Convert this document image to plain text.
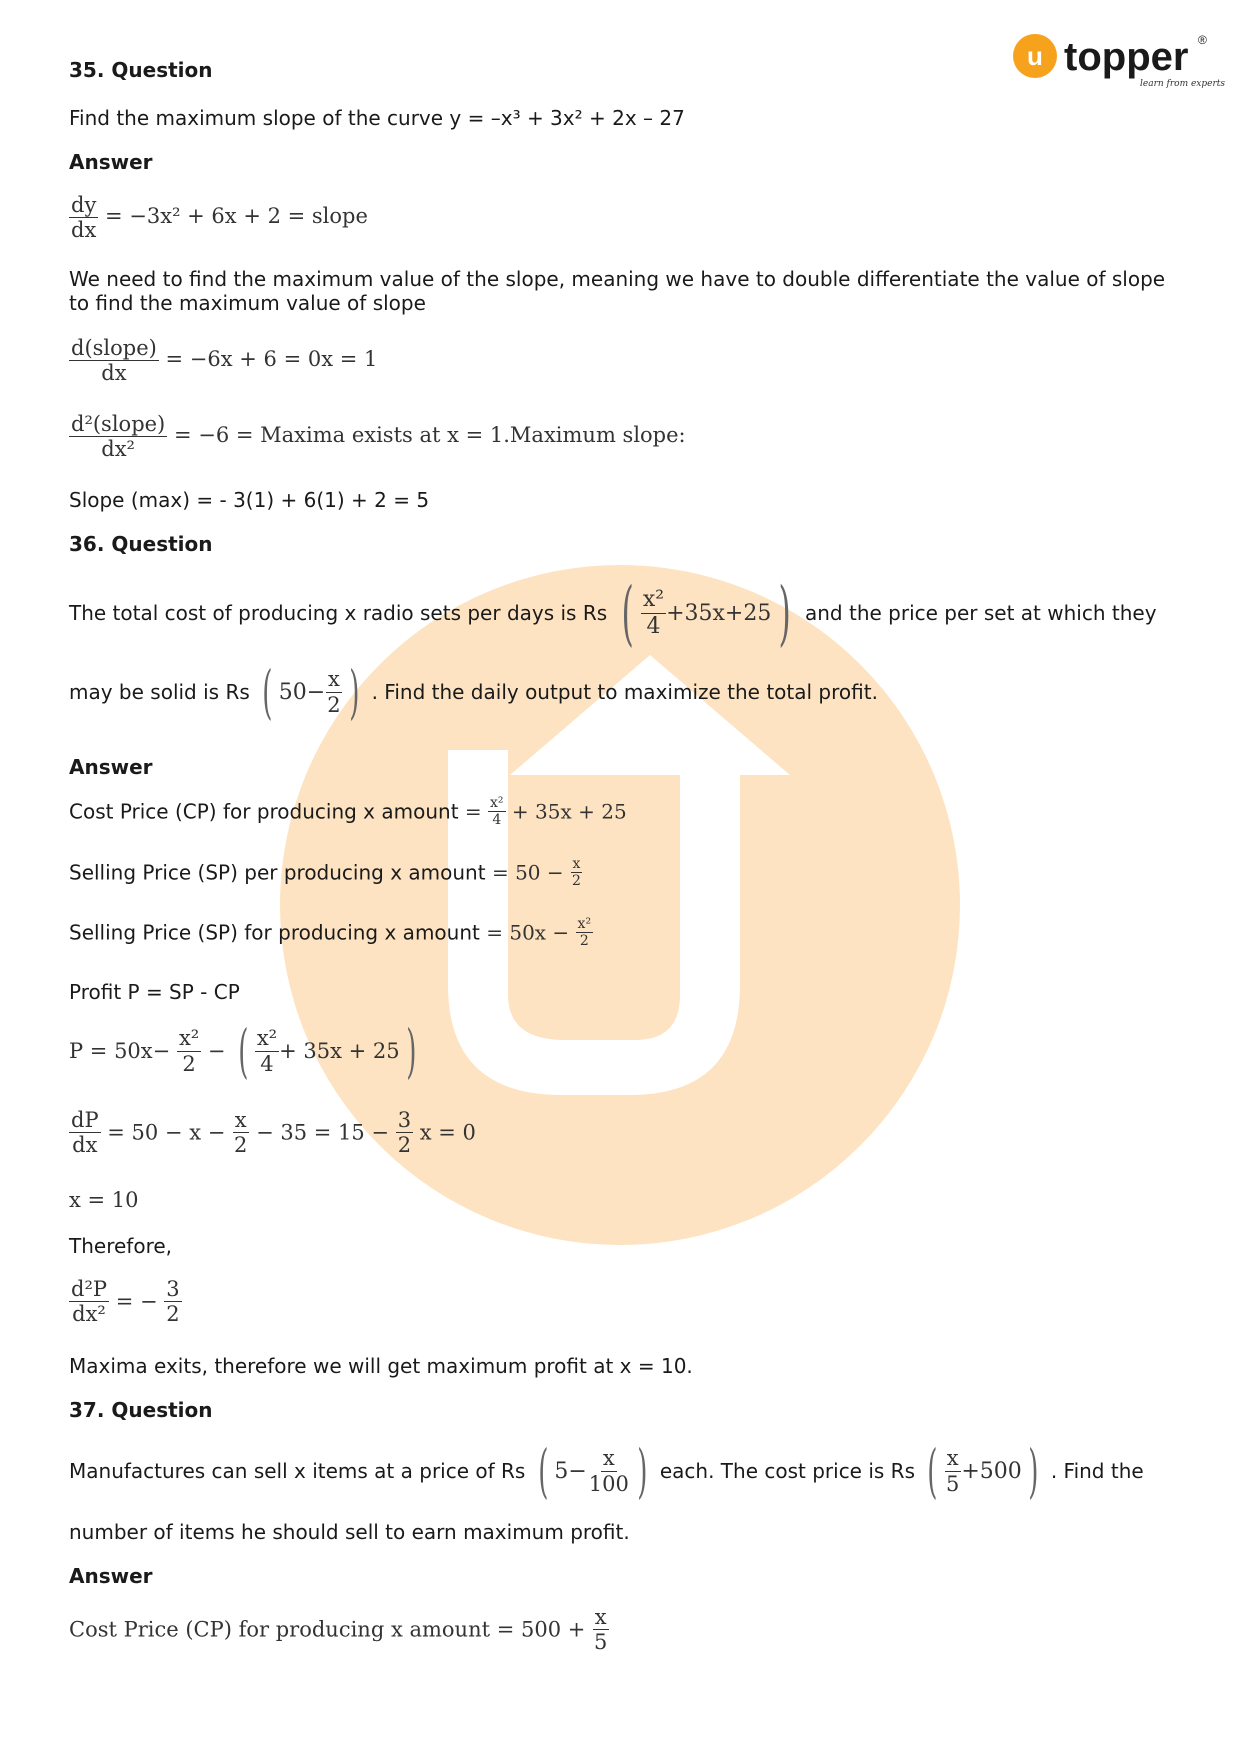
u topper ®
learn from experts
35. Question
Find the maximum slope of the curve y = –x³ + 3x² + 2x – 27
Answer
$\frac{dy}{dx} = -3x^2 + 6x + 2$ = slope
We need to find the maximum value of the slope, meaning we have to double differentiate the value of slope to find the maximum value of slope
$\frac{\text{d(slope)}}{dx} = -6x + 6 = 0x = 1$
$\frac{\text{d²(slope)}}{\text{dx²}} = -6$ = Maxima exists at x = 1.Maximum slope:
Slope (max) = - 3(1) + 6(1) + 2 = 5
36. Question
The total cost of producing x radio sets per days is Rs ( $\frac{\text{x²}}{4} +35x+25$ ) and the price per set at which they
may be solid is Rs ( $50- \frac{x}{2}$ ) . Find the daily output to maximize the total profit.
Answer
Cost Price (CP) for producing x amount = $\frac{\text{x²}}{4} + 35x + 25$
Selling Price (SP) per producing x amount = $50 - \frac{x}{2}$
Selling Price (SP) for producing x amount = $50x - \frac{\text{x²}}{2}$
Profit P = SP - CP
$P = 50x- \frac{\text{x²}}{2}$ − ( $\frac{\text{x²}}{4} + 35x + 25$ )
$\frac{dP}{dx} = 50 - x - \frac{x}{2} - 35 = 15 - \frac{3}{2}$ x = 0
x = 10
Therefore,
$\frac{\text{d²P}}{\text{dx²}}$ = − $\frac{3}{2}$
Maxima exits, therefore we will get maximum profit at x = 10.
37. Question
Manufactures can sell x items at a price of Rs ( $5- \frac{x}{100}$ ) each. The cost price is Rs ( $\frac{x}{5} +500$ ) . Find the
number of items he should sell to earn maximum profit.
Answer
Cost Price (CP) for producing x amount = $500 + \frac{x}{5}$
